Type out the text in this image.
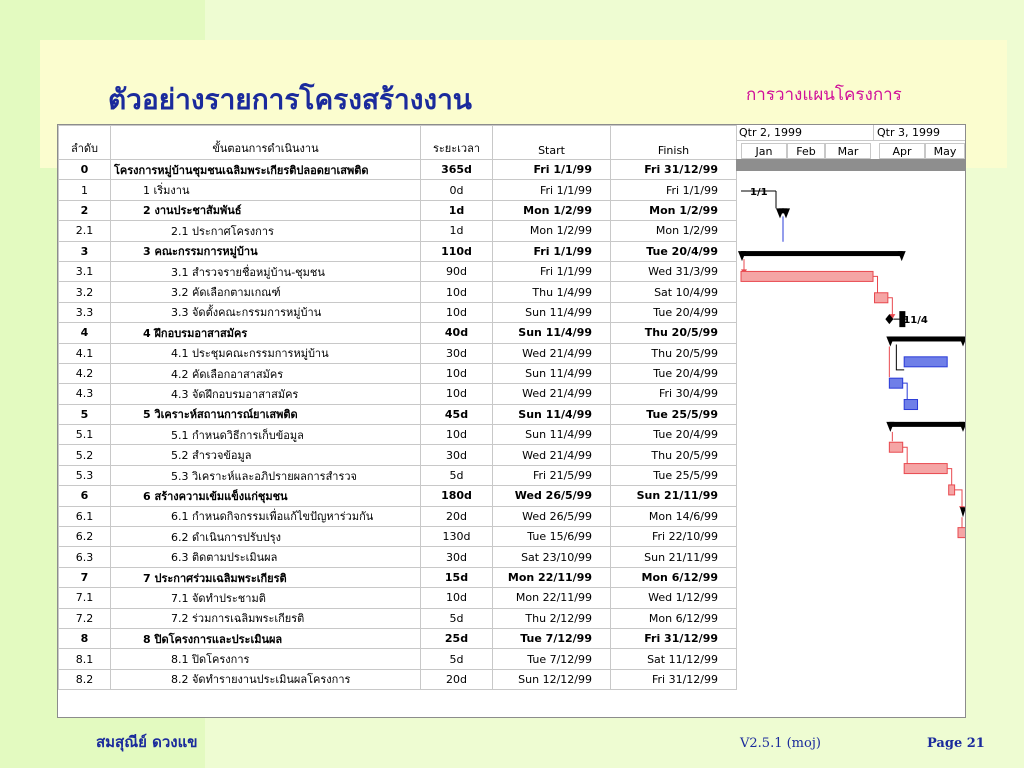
ตัวอย่างรายการโครงสร้างงาน	การวางแผนโครงการ
ลำดับ	ขั้นตอนการดำเนินงาน	ระยะเวลา	Start	Finish
0	โครงการหมู่บ้านชุมชนเฉลิมพระเกียรติปลอดยาเสพติด	365d	Fri 1/1/99	Fri 31/12/99
1	1 เริ่มงาน	0d	Fri 1/1/99	Fri 1/1/99
2	2 งานประชาสัมพันธ์	1d	Mon 1/2/99	Mon 1/2/99
2.1	2.1 ประกาศโครงการ	1d	Mon 1/2/99	Mon 1/2/99
3	3 คณะกรรมการหมู่บ้าน	110d	Fri 1/1/99	Tue 20/4/99
3.1	3.1 สำรวจรายชื่อหมู่บ้าน-ชุมชน	90d	Fri 1/1/99	Wed 31/3/99
3.2	3.2 คัดเลือกตามเกณฑ์	10d	Thu 1/4/99	Sat 10/4/99
3.3	3.3 จัดตั้งคณะกรรมการหมู่บ้าน	10d	Sun 11/4/99	Tue 20/4/99
4	4 ฝึกอบรมอาสาสมัคร	40d	Sun 11/4/99	Thu 20/5/99
4.1	4.1 ประชุมคณะกรรมการหมู่บ้าน	30d	Wed 21/4/99	Thu 20/5/99
4.2	4.2 คัดเลือกอาสาสมัคร	10d	Sun 11/4/99	Tue 20/4/99
4.3	4.3 จัดฝึกอบรมอาสาสมัคร	10d	Wed 21/4/99	Fri 30/4/99
5	5 วิเคราะห์สถานการณ์ยาเสพติด	45d	Sun 11/4/99	Tue 25/5/99
5.1	5.1 กำหนดวิธีการเก็บข้อมูล	10d	Sun 11/4/99	Tue 20/4/99
5.2	5.2 สำรวจข้อมูล	30d	Wed 21/4/99	Thu 20/5/99
5.3	5.3 วิเคราะห์และอภิปรายผลการสำรวจ	5d	Fri 21/5/99	Tue 25/5/99
6	6 สร้างความเข้มแข็งแก่ชุมชน	180d	Wed 26/5/99	Sun 21/11/99
6.1	6.1 กำหนดกิจกรรมเพื่อแก้ไขปัญหาร่วมกัน	20d	Wed 26/5/99	Mon 14/6/99
6.2	6.2 ดำเนินการปรับปรุง	130d	Tue 15/6/99	Fri 22/10/99
6.3	6.3 ติดตามประเมินผล	30d	Sat 23/10/99	Sun 21/11/99
7	7 ประกาศร่วมเฉลิมพระเกียรติ	15d	Mon 22/11/99	Mon 6/12/99
7.1	7.1 จัดทำประชามติ	10d	Mon 22/11/99	Wed 1/12/99
7.2	7.2 ร่วมการเฉลิมพระเกียรติ	5d	Thu 2/12/99	Mon 6/12/99
8	8 ปิดโครงการและประเมินผล	25d	Tue 7/12/99	Fri 31/12/99
8.1	8.1 ปิดโครงการ	5d	Tue 7/12/99	Sat 11/12/99
8.2	8.2 จัดทำรายงานประเมินผลโครงการ	20d	Sun 12/12/99	Fri 31/12/99
Qtr 2, 1999	Qtr 3, 1999
Jan	Feb	Mar	Apr	May
1/1
11/4
สมสุณีย์ ดวงแข	V2.5.1 (moj)	Page 21
